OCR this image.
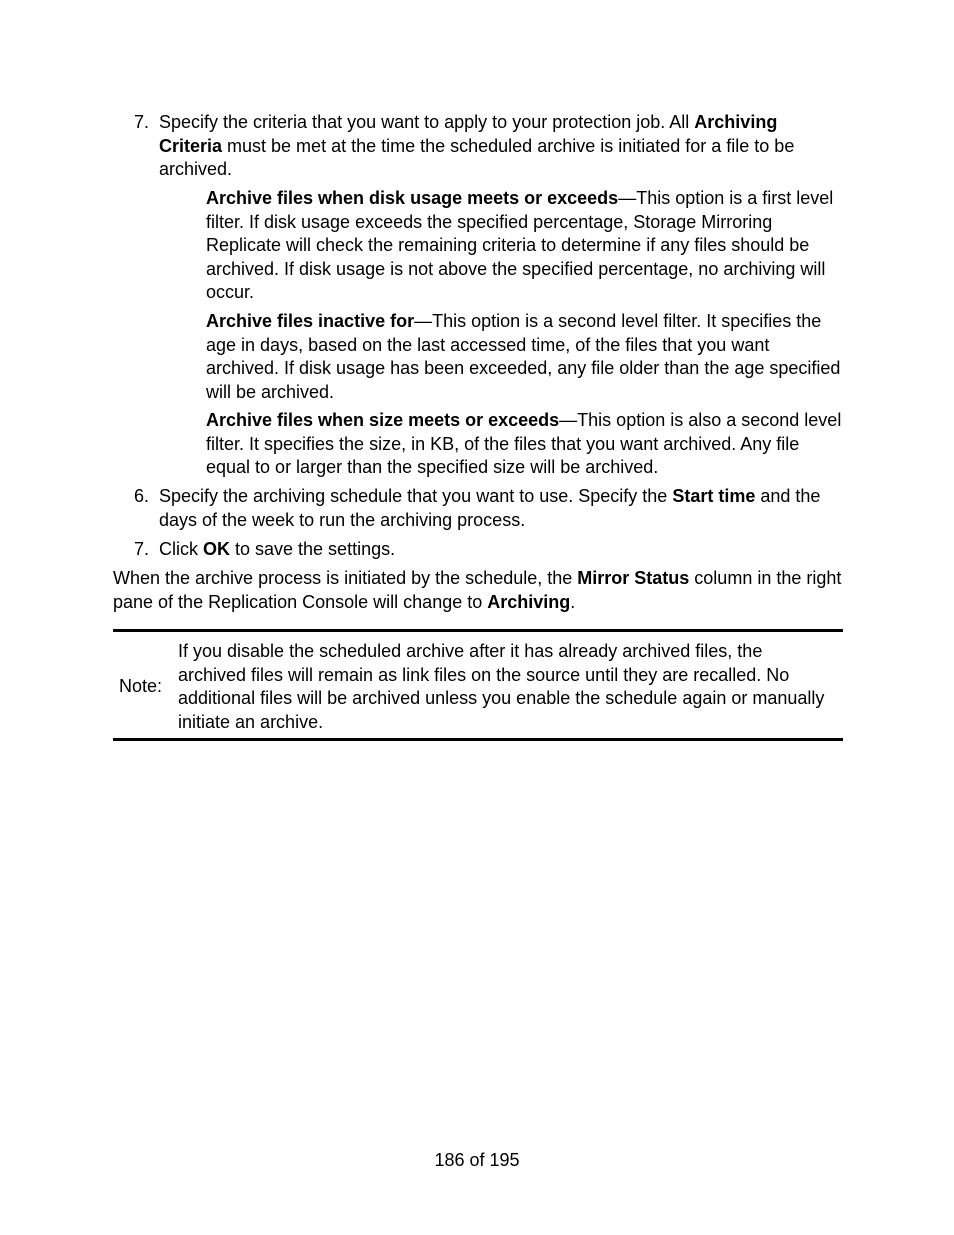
7. Specify the criteria that you want to apply to your protection job. All Archiving Criteria must be met at the time the scheduled archive is initiated for a file to be archived.
Archive files when disk usage meets or exceeds—This option is a first level filter. If disk usage exceeds the specified percentage, Storage Mirroring Replicate will check the remaining criteria to determine if any files should be archived. If disk usage is not above the specified percentage, no archiving will occur.
Archive files inactive for—This option is a second level filter. It specifies the age in days, based on the last accessed time, of the files that you want archived. If disk usage has been exceeded, any file older than the age specified will be archived.
Archive files when size meets or exceeds—This option is also a second level filter. It specifies the size, in KB, of the files that you want archived. Any file equal to or larger than the specified size will be archived.
6. Specify the archiving schedule that you want to use. Specify the Start time and the days of the week to run the archiving process.
7. Click OK to save the settings.
When the archive process is initiated by the schedule, the Mirror Status column in the right pane of the Replication Console will change to Archiving.
Note:
If you disable the scheduled archive after it has already archived files, the archived files will remain as link files on the source until they are recalled. No additional files will be archived unless you enable the schedule again or manually initiate an archive.
186 of 195
